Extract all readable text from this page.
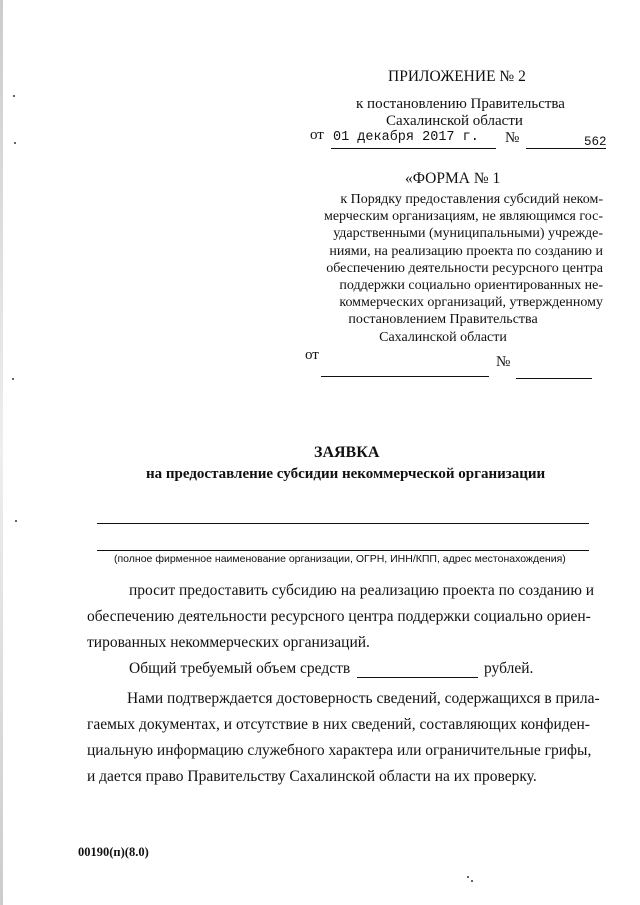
ПРИЛОЖЕНИЕ № 2
к постановлению Правительства
Сахалинской области
от 01 декабря 2017 г. №	562
«ФОРМА № 1
к Порядку предоставления субсидий неком-
мерческим организациям, не являющимся гос-
ударственными (муниципальными) учрежде-
ниями, на реализацию проекта по созданию и
обеспечению деятельности ресурсного центра
поддержки социально ориентированных не-
коммерческих организаций, утвержденному
постановлением Правительства
Сахалинской области
от	№
ЗАЯВКА
на предоставление субсидии некоммерческой организации
(полное фирменное наименование организации, ОГРН, ИНН/КПП, адрес местонахождения)
просит предоставить субсидию на реализацию проекта по созданию и
обеспечению деятельности ресурсного центра поддержки социально ориен-
тированных некоммерческих организаций.
Общий требуемый объем средств	рублей.
Нами подтверждается достоверность сведений, содержащихся в прила-
гаемых документах, и отсутствие в них сведений, составляющих конфиден-
циальную информацию служебного характера или ограничительные грифы,
и дается право Правительству Сахалинской области на их проверку.
00190(п)(8.0)
